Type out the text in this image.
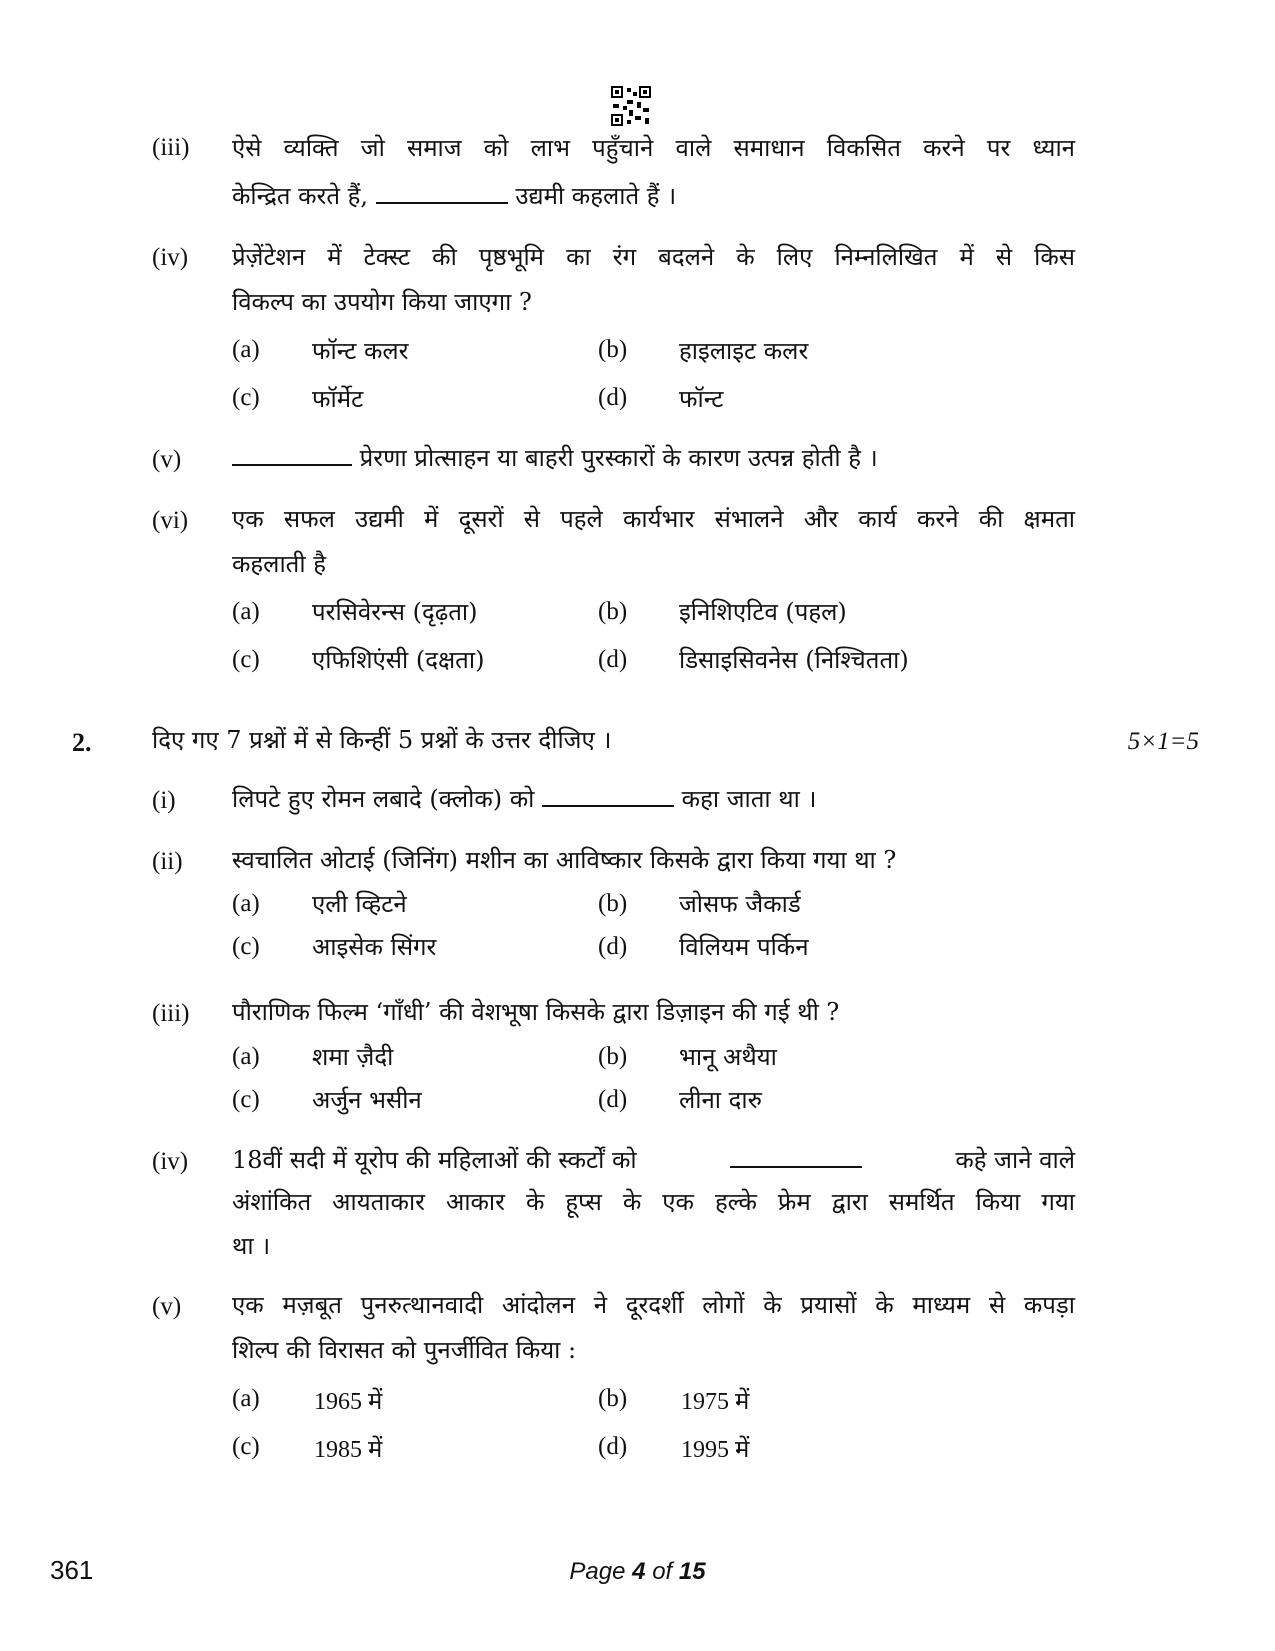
(iii) ऐसे व्यक्ति जो समाज को लाभ पहुँचाने वाले समाधान विकसित करने पर ध्यान
केन्द्रित करते हैं,	उद्यमी कहलाते हैं ।
(iv) प्रेज़ेंटेशन में टेक्स्ट की पृष्ठभूमि का रंग बदलने के लिए निम्नलिखित में से किस
विकल्प का उपयोग किया जाएगा ?
(a) फॉन्ट कलर	(b) हाइलाइट कलर
(c) फॉर्मेट	(d) फॉन्ट
(v)	प्रेरणा प्रोत्साहन या बाहरी पुरस्कारों के कारण उत्पन्न होती है ।
(vi) एक सफल उद्यमी में दूसरों से पहले कार्यभार संभालने और कार्य करने की क्षमता
कहलाती है
(a) परसिवेरन्स (दृढ़ता)	(b) इनिशिएटिव (पहल)
(c) एफिशिएंसी (दक्षता)	(d) डिसाइसिवनेस (निश्चितता)
2.	दिए गए 7 प्रश्नों में से किन्हीं 5 प्रश्नों के उत्तर दीजिए ।	5×1=5
(i) लिपटे हुए रोमन लबादे (क्लोक) को	कहा जाता था ।
(ii) स्वचालित ओटाई (जिनिंग) मशीन का आविष्कार किसके द्वारा किया गया था ?
(a) एली व्हिटने	(b) जोसफ जैकार्ड
(c) आइसेक सिंगर	(d) विलियम पर्किन
(iii) पौराणिक फिल्म ‘गाँधी’ की वेशभूषा किसके द्वारा डिज़ाइन की गई थी ?
(a) शमा ज़ैदी	(b) भानू अथैया
(c) अर्जुन भसीन	(d) लीना दारु
(iv) 18वीं सदी में यूरोप की महिलाओं की स्कर्टों को	कहे जाने वाले
अंशांकित आयताकार आकार के हूप्स के एक हल्के फ्रेम द्वारा समर्थित किया गया
था ।
(v) एक मज़बूत पुनरुत्थानवादी आंदोलन ने दूरदर्शी लोगों के प्रयासों के माध्यम से कपड़ा
शिल्प की विरासत को पुनर्जीवित किया :
(a) 1965 में	(b) 1975 में
(c) 1985 में	(d) 1995 में
361	Page 4 of 15
